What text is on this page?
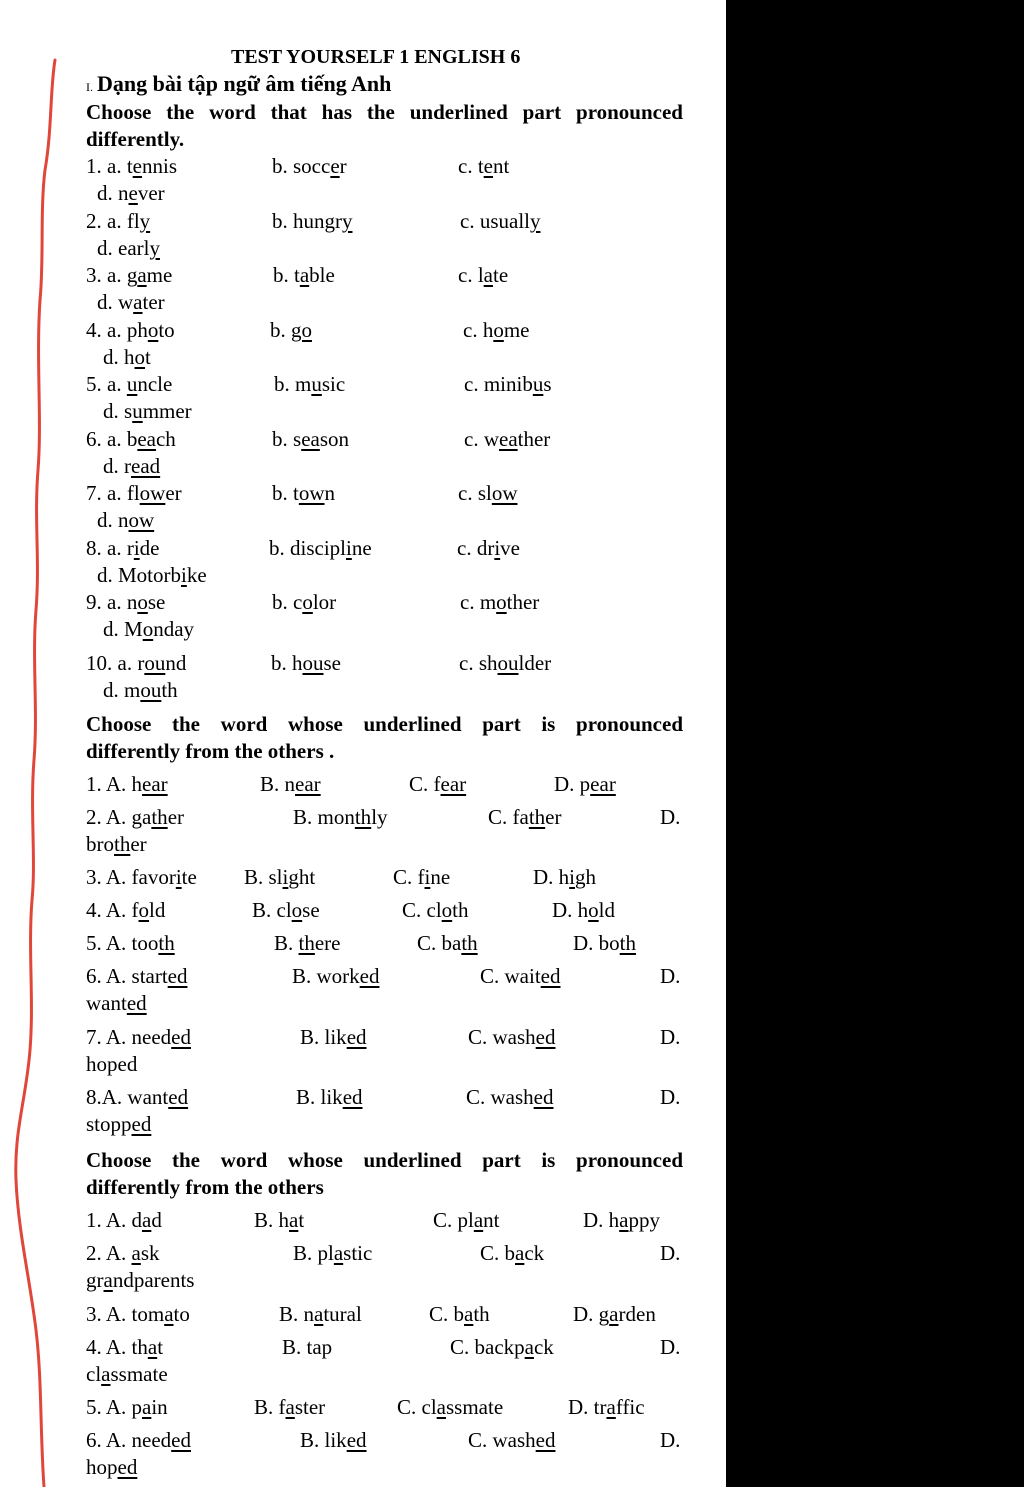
TEST YOURSELF 1 ENGLISH 6
I. Dạng bài tập ngữ âm tiếng Anh
Choose the word that has the underlined part pronounced
differently.
Choose the word whose underlined part is pronounced
differently from the others .
Choose the word whose underlined part is pronounced
differently from the others
1. a. tennis	b. soccer	c. tent
d. never
2. a. fly	b. hungry	c. usually
d. early
3. a. game	b. table	c. late
d. water
4. a. photo	b. go	c. home
d. hot
5. a. uncle	b. music	c. minibus
d. summer
6. a. beach	b. season	c. weather
d. read
7. a. flower	b. town	c. slow
d. now
8. a. ride	b. discipline	c. drive
d. Motorbike
9. a. nose	b. color	c. mother
d. Monday
10. a. round	b. house	c. shoulder
d. mouth
1. A. hear	B. near	C. fear	D. pear
2. A. gather	B. monthly	C. father	D.
brother
3. A. favorite B. slight	C. fine	D. high
4. A. fold	B. close	C. cloth	D. hold
5. A. tooth	B. there	C. bath	D. both
6. A. started	B. worked	C. waited	D.
wanted
7. A. needed	B. liked	C. washed	D.
hoped
8.A. wanted	B. liked	C. washed	D.
stopped
1. A. dad	B. hat	C. plant	D. happy
2. A. ask	B. plastic	C. back	D.
grandparents
3. A. tomato	B. natural	C. bath	D. garden
4. A. that	B. tap	C. backpack	D.
classmate
5. A. pain	B. faster	C. classmate	D. traffic
6. A. needed	B. liked	C. washed	D.
hoped
